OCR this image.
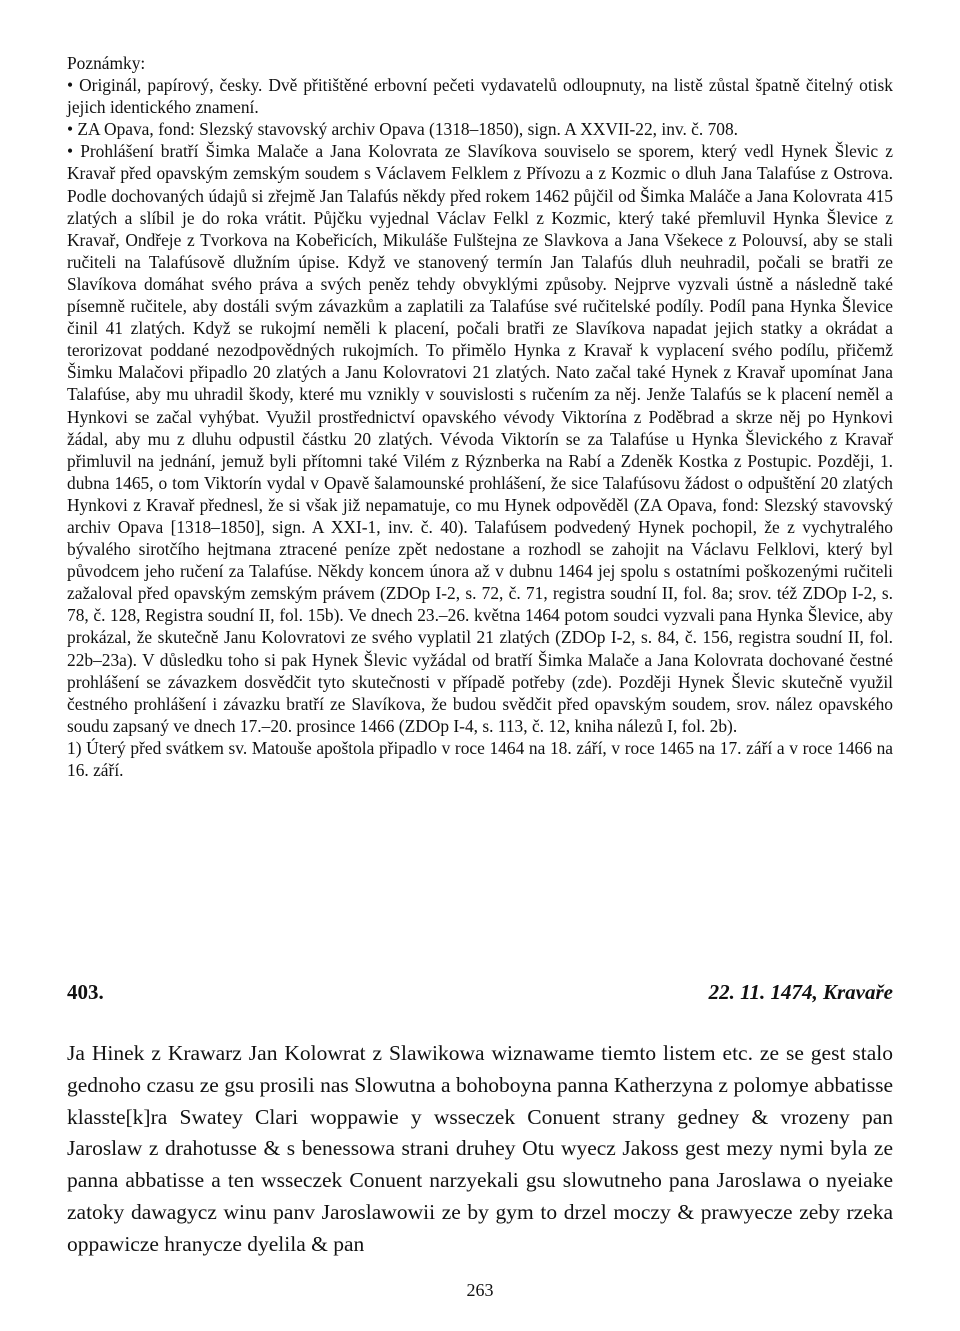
Poznámky:

• Originál, papírový, česky. Dvě přitištěné erbovní pečeti vydavatelů odloupnuty, na listě zůstal špatně čitelný otisk jejich identického znamení.

• ZA Opava, fond: Slezský stavovský archiv Opava (1318–1850), sign. A XXVII-22, inv. č. 708.

• Prohlášení bratří Šimka Malače a Jana Kolovrata ze Slavíkova souviselo se sporem, který vedl Hynek Šlevic z Kravař před opavským zemským soudem s Václavem Felklem z Přívozu a z Kozmic o dluh Jana Talafúse z Ostrova. Podle dochovaných údajů si zřejmě Jan Talafús někdy před rokem 1462 půjčil od Šimka Maláče a Jana Kolovrata 415 zlatých a slíbil je do roka vrátit. Půjčku vyjednal Václav Felkl z Kozmic, který také přemluvil Hynka Šlevice z Kravař, Ondřeje z Tvorkova na Kobeřicích, Mikuláše Fulštejna ze Slavkova a Jana Všekece z Polouvsí, aby se stali ručiteli na Talafúsově dlužním úpise. Když ve stanovený termín Jan Talafús dluh neuhradil, počali se bratři ze Slavíkova domáhat svého práva a svých peněz tehdy obvyklými způsoby. Nejprve vyzvali ústně a následně také písemně ručitele, aby dostáli svým závazkům a zaplatili za Talafúse své ručitelské podíly. Podíl pana Hynka Šlevice činil 41 zlatých. Když se rukojmí neměli k placení, počali bratři ze Slavíkova napadat jejich statky a okrádat a terorizovat poddané nezodpovědných rukojmích. To přimělo Hynka z Kravař k vyplacení svého podílu, přičemž Šimku Malačovi připadlo 20 zlatých a Janu Kolovratovi 21 zlatých. Nato začal také Hynek z Kravař upomínat Jana Talafúse, aby mu uhradil škody, které mu vznikly v souvislosti s ručením za něj. Jenže Talafús se k placení neměl a Hynkovi se začal vyhýbat. Využil prostřednictví opavského vévody Viktorína z Poděbrad a skrze něj po Hynkovi žádal, aby mu z dluhu odpustil částku 20 zlatých. Vévoda Viktorín se za Talafúse u Hynka Šlevického z Kravař přimluvil na jednání, jemuž byli přítomni také Vilém z Rýznberka na Rabí a Zdeněk Kostka z Postupic. Později, 1. dubna 1465, o tom Viktorín vydal v Opavě šalamounské prohlášení, že sice Talafúsovu žádost o odpuštění 20 zlatých Hynkovi z Kravař přednesl, že si však již nepamatuje, co mu Hynek odpověděl (ZA Opava, fond: Slezský stavovský archiv Opava [1318–1850], sign. A XXI-1, inv. č. 40). Talafúsem podvedený Hynek pochopil, že z vychytralého bývalého sirotčího hejtmana ztracené peníze zpět nedostane a rozhodl se zahojit na Václavu Felklovi, který byl původcem jeho ručení za Talafúse. Někdy koncem února až v dubnu 1464 jej spolu s ostatními poškozenými ručiteli zažaloval před opavským zemským právem (ZDOp I-2, s. 72, č. 71, registra soudní II, fol. 8a; srov. též ZDOp I-2, s. 78, č. 128, Registra soudní II, fol. 15b). Ve dnech 23.–26. května 1464 potom soudci vyzvali pana Hynka Šlevice, aby prokázal, že skutečně Janu Kolovratovi ze svého vyplatil 21 zlatých (ZDOp I-2, s. 84, č. 156, registra soudní II, fol. 22b–23a). V důsledku toho si pak Hynek Šlevic vyžádal od bratří Šimka Malače a Jana Kolovrata dochované čestné prohlášení se závazkem dosvědčit tyto skutečnosti v případě potřeby (zde). Později Hynek Šlevic skutečně využil čestného prohlášení i závazku bratří ze Slavíkova, že budou svědčit před opavským soudem, srov. nález opavského soudu zapsaný ve dnech 17.–20. prosince 1466 (ZDOp I-4, s. 113, č. 12, kniha nálezů I, fol. 2b).

1) Úterý před svátkem sv. Matouše apoštola připadlo v roce 1464 na 18. září, v roce 1465 na 17. září a v roce 1466 na 16. září.

403.	22. 11. 1474, Kravaře

Ja Hinek z Krawarz Jan Kolowrat z Slawikowa wiznawame tiemto listem etc. ze se gest stalo gednoho czasu ze gsu prosili nas Slowutna a bohoboyna panna Katherzyna z polomye abbatisse klasste[k]ra Swatey Clari woppawie y wsseczek Conuent strany gedney & vrozeny pan Jaroslaw z drahotusse & s benessowa strani druhey Otu wyecz Jakoss gest mezy nymi byla ze panna abbatisse a ten wsseczek Conuent narzyekali gsu slowutneho pana Jaroslawa o nyeiake zatoky dawagycz winu panv Jaroslawowii ze by gym to drzel moczy & prawyecze zeby rzeka oppawicze hranycze dyelila & pan

263
